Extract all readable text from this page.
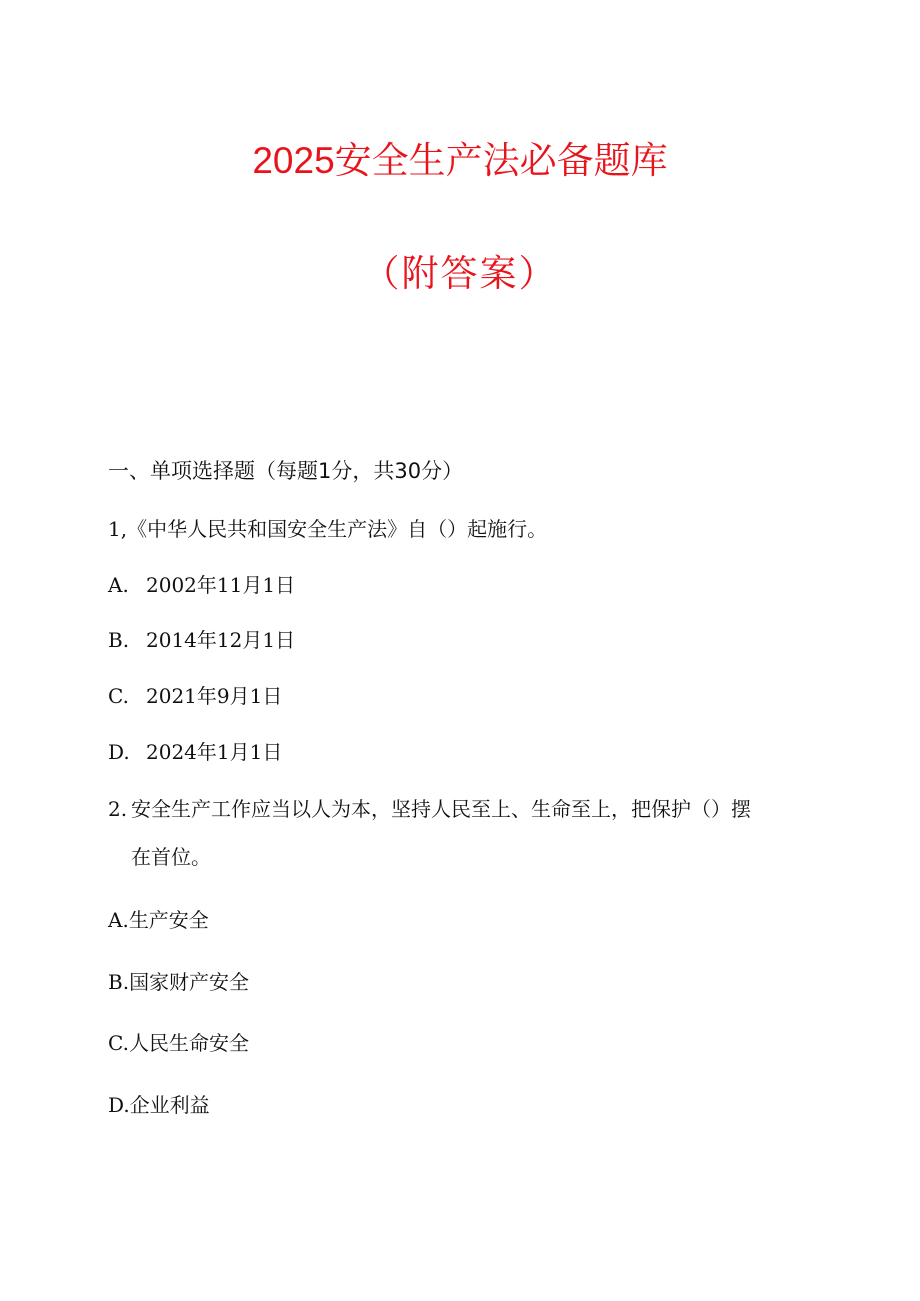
2025安全生产法必备题库
（附答案）
一、单项选择题（每题1分，共30分）
1,《中华人民共和国安全生产法》自（）起施行。
A. 2002年11月1日
B. 2014年12月1日
C. 2021年9月1日
D. 2024年1月1日
2. 安全生产工作应当以人为本，坚持人民至上、生命至上，把保护（）摆
在首位。
A.生产安全
B.国家财产安全
C.人民生命安全
D.企业利益
